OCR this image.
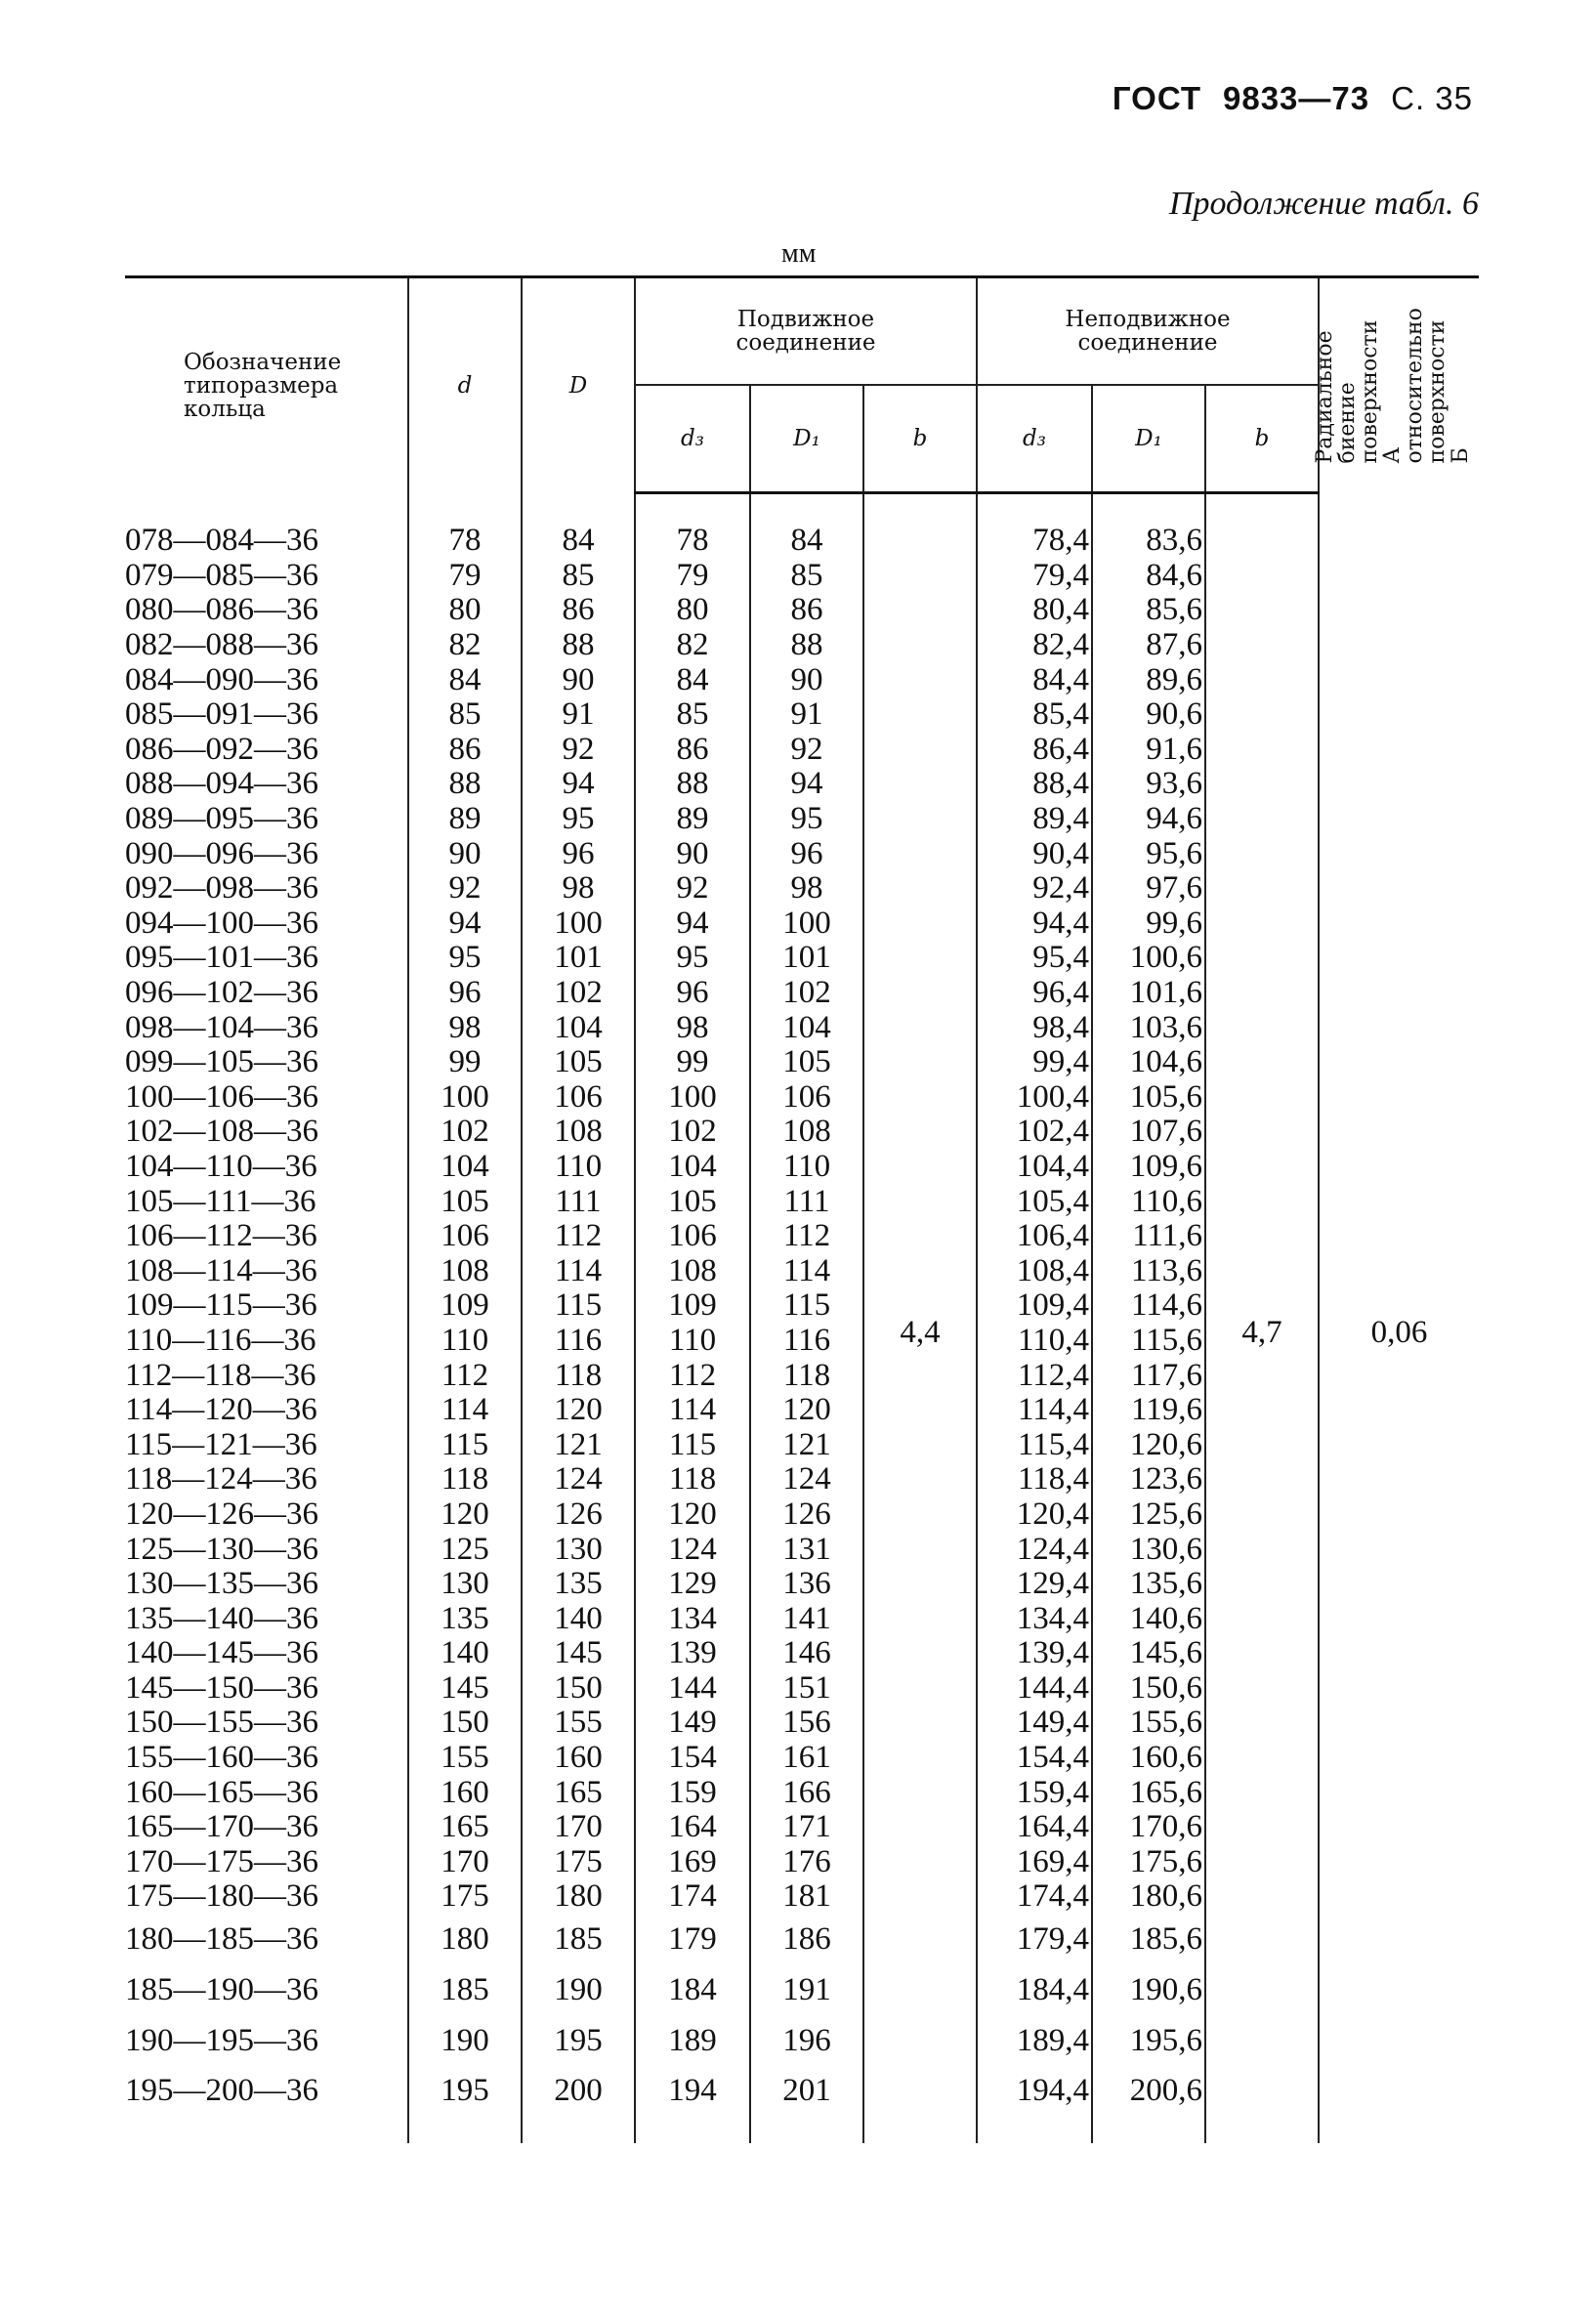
ГОСТ 9833—73 С. 35
Продолжение табл. 6
мм
Обозначение типоразмера кольца	d	D	Подвижное соединение			Неподвижное соединение			Радиальное биение поверхности А относительно поверхности Б

			d₃	D₁	b	d₃	D₁	b	

078—084—36	78	84	78	84	4,4	78,4	83,6	4,7	0,06
079—085—36	79	85	79	85		79,4	84,6		
080—086—36	80	86	80	86		80,4	85,6		
082—088—36	82	88	82	88		82,4	87,6		
084—090—36	84	90	84	90		84,4	89,6		
085—091—36	85	91	85	91		85,4	90,6		
086—092—36	86	92	86	92		86,4	91,6		
088—094—36	88	94	88	94		88,4	93,6		
089—095—36	89	95	89	95		89,4	94,6		
090—096—36	90	96	90	96		90,4	95,6		
092—098—36	92	98	92	98		92,4	97,6		
094—100—36	94	100	94	100		94,4	99,6		
095—101—36	95	101	95	101		95,4	100,6		
096—102—36	96	102	96	102		96,4	101,6		
098—104—36	98	104	98	104		98,4	103,6		
099—105—36	99	105	99	105		99,4	104,6		
100—106—36	100	106	100	106		100,4	105,6		
102—108—36	102	108	102	108		102,4	107,6		
104—110—36	104	110	104	110		104,4	109,6		
105—111—36	105	111	105	111		105,4	110,6		
106—112—36	106	112	106	112		106,4	111,6		
108—114—36	108	114	108	114		108,4	113,6		
109—115—36	109	115	109	115		109,4	114,6		
110—116—36	110	116	110	116		110,4	115,6		
112—118—36	112	118	112	118		112,4	117,6		
114—120—36	114	120	114	120		114,4	119,6		
115—121—36	115	121	115	121		115,4	120,6		
118—124—36	118	124	118	124		118,4	123,6		
120—126—36	120	126	120	126		120,4	125,6		
125—130—36	125	130	124	131		124,4	130,6		
130—135—36	130	135	129	136		129,4	135,6		
135—140—36	135	140	134	141		134,4	140,6		
140—145—36	140	145	139	146		139,4	145,6		
145—150—36	145	150	144	151		144,4	150,6		
150—155—36	150	155	149	156		149,4	155,6		
155—160—36	155	160	154	161		154,4	160,6		
160—165—36	160	165	159	166		159,4	165,6		
165—170—36	165	170	164	171		164,4	170,6		
170—175—36	170	175	169	176		169,4	175,6		
175—180—36	175	180	174	181		174,4	180,6		
180—185—36	180	185	179	186		179,4	185,6		
185—190—36	185	190	184	191		184,4	190,6		
190—195—36	190	195	189	196		189,4	195,6		
195—200—36	195	200	194	201		194,4	200,6		
